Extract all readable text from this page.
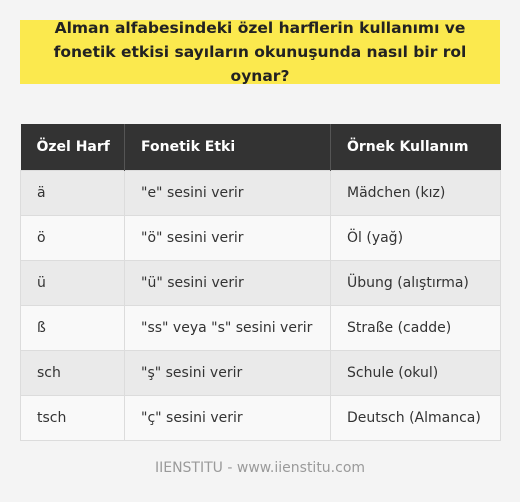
Alman alfabesindeki özel harflerin kullanımı ve fonetik etkisi sayıların okunuşunda nasıl bir rol oynar?
Özel Harf	Fonetik Etki	Örnek Kullanım
ä	"e" sesini verir	Mädchen (kız)
ö	"ö" sesini verir	Öl (yağ)
ü	"ü" sesini verir	Übung (alıştırma)
ß	"ss" veya "s" sesini verir	Straße (cadde)
sch	"ş" sesini verir	Schule (okul)
tsch	"ç" sesini verir	Deutsch (Almanca)
IIENSTITU - www.iienstitu.com
